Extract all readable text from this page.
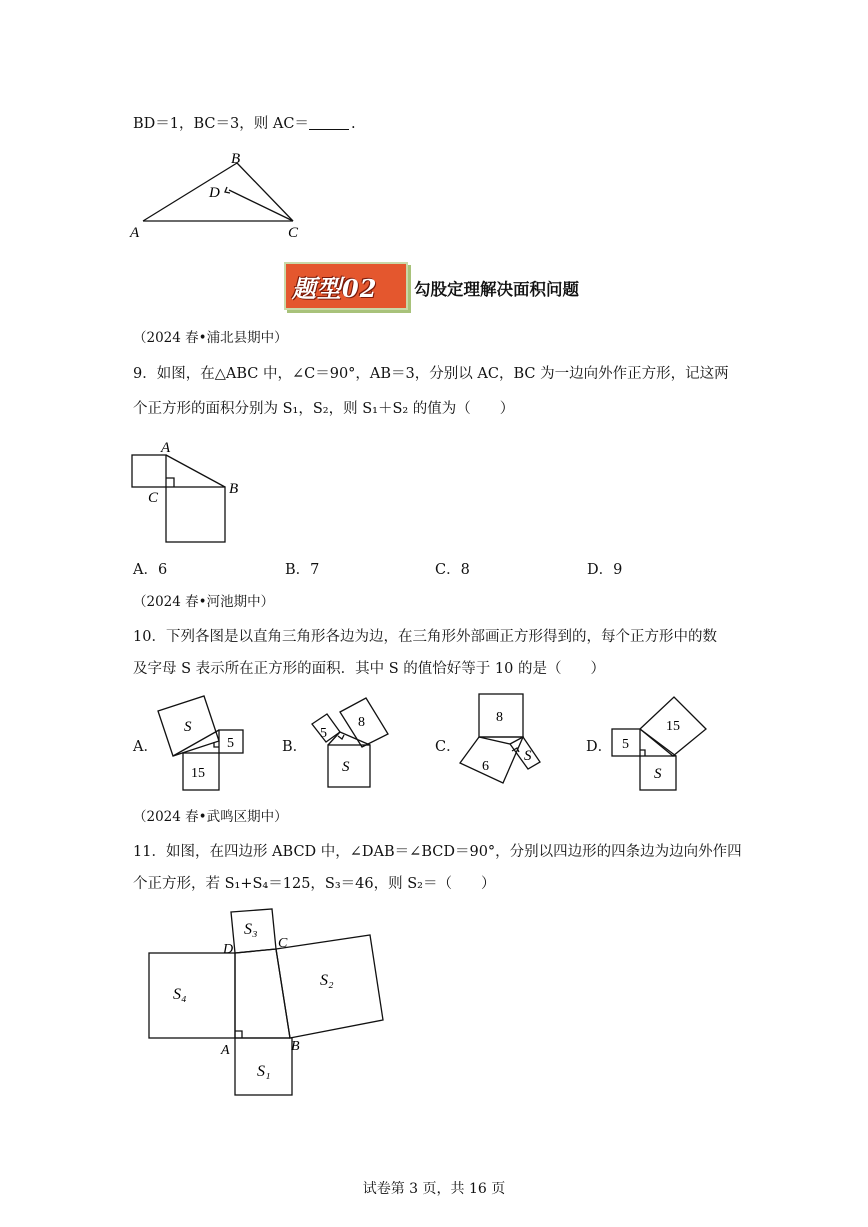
BD＝1，BC＝3，则 AC＝	.
B
D
A	C
题型02 勾股定理解决面积问题
（2024 春•浦北县期中）
9．如图，在△ABC 中，∠C＝90°，AB＝3，分别以 AC，BC 为一边向外作正方形，记这两
个正方形的面积分别为 S₁，S₂，则 S₁＋S₂ 的值为（　　）
A
B
C
A．6	B．7	C．8	D．9
（2024 春•河池期中）
10．下列各图是以直角三角形各边为边，在三角形外部画正方形得到的，每个正方形中的数
及字母 S 表示所在正方形的面积．其中 S 的值恰好等于 10 的是（　　）
A．
S
5
15
B．
5
8
S
C．
8
6
S
D． 5
15
S
（2024 春•武鸣区期中）
11．如图，在四边形 ABCD 中，∠DAB＝∠BCD＝90°，分别以四边形的四条边为边向外作四
个正方形，若 S₁+S₄＝125，S₃＝46，则 S₂＝（　　）
S₃
S₄
S₂
S₁
D	C
A	B
试卷第 3 页，共 16 页
